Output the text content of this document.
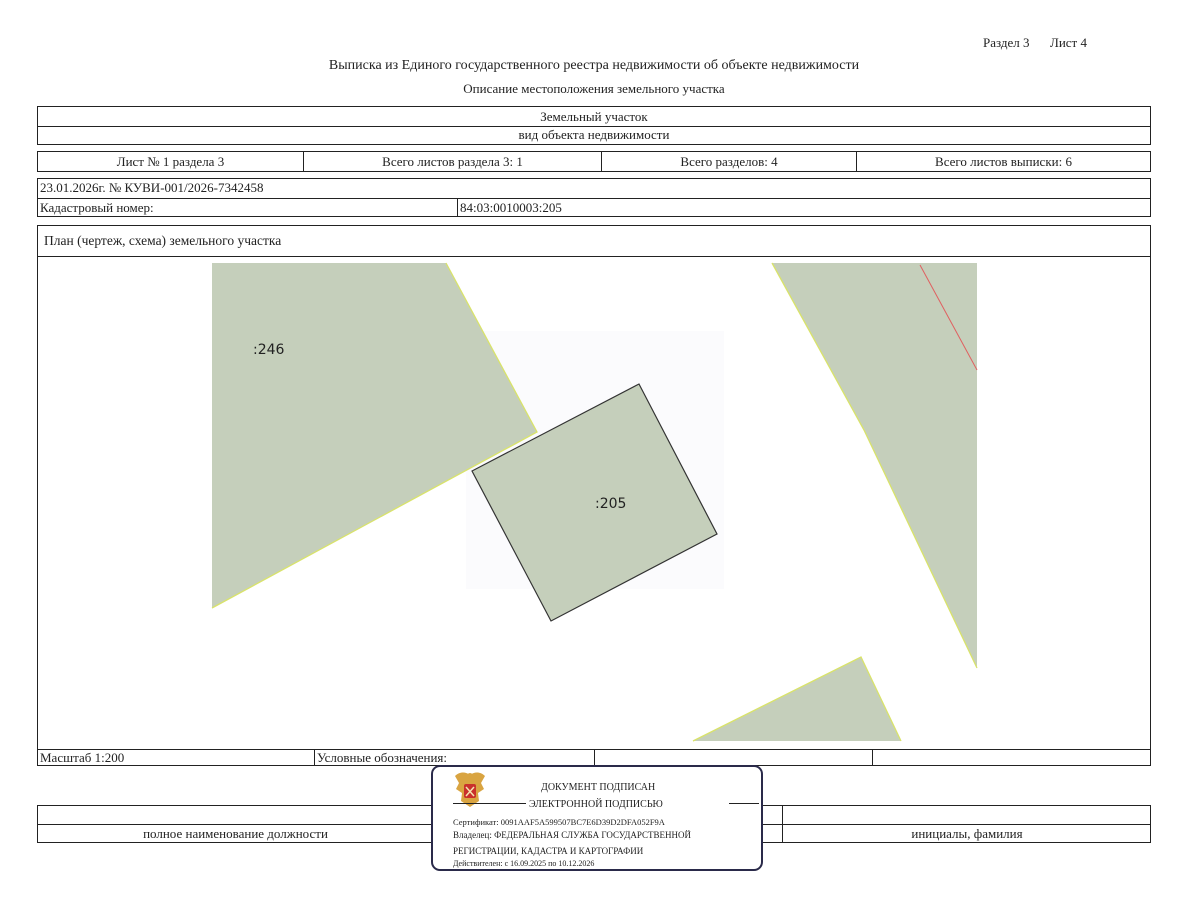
Раздел 3 Лист 4
Выписка из Единого государственного реестра недвижимости об объекте недвижимости
Описание местоположения земельного участка
Земельный участок
вид объекта недвижимости
Лист № 1 раздела 3	Всего листов раздела 3: 1	Всего разделов: 4	Всего листов выписки: 6
23.01.2026г. № КУВИ-001/2026-7342458
Кадастровый номер:	84:03:0010003:205
План (чертеж, схема) земельного участка
:246
:205
Масштаб 1:200	Условные обозначения:
полное наименование должности	инициалы, фамилия
ДОКУМЕНТ ПОДПИСАН
ЭЛЕКТРОННОЙ ПОДПИСЬЮ
Сертификат: 0091AAF5A599507BC7E6D39D2DFA052F9A
Владелец: ФЕДЕРАЛЬНАЯ СЛУЖБА ГОСУДАРСТВЕННОЙ
РЕГИСТРАЦИИ, КАДАСТРА И КАРТОГРАФИИ
Действителен: с 16.09.2025 по 10.12.2026
